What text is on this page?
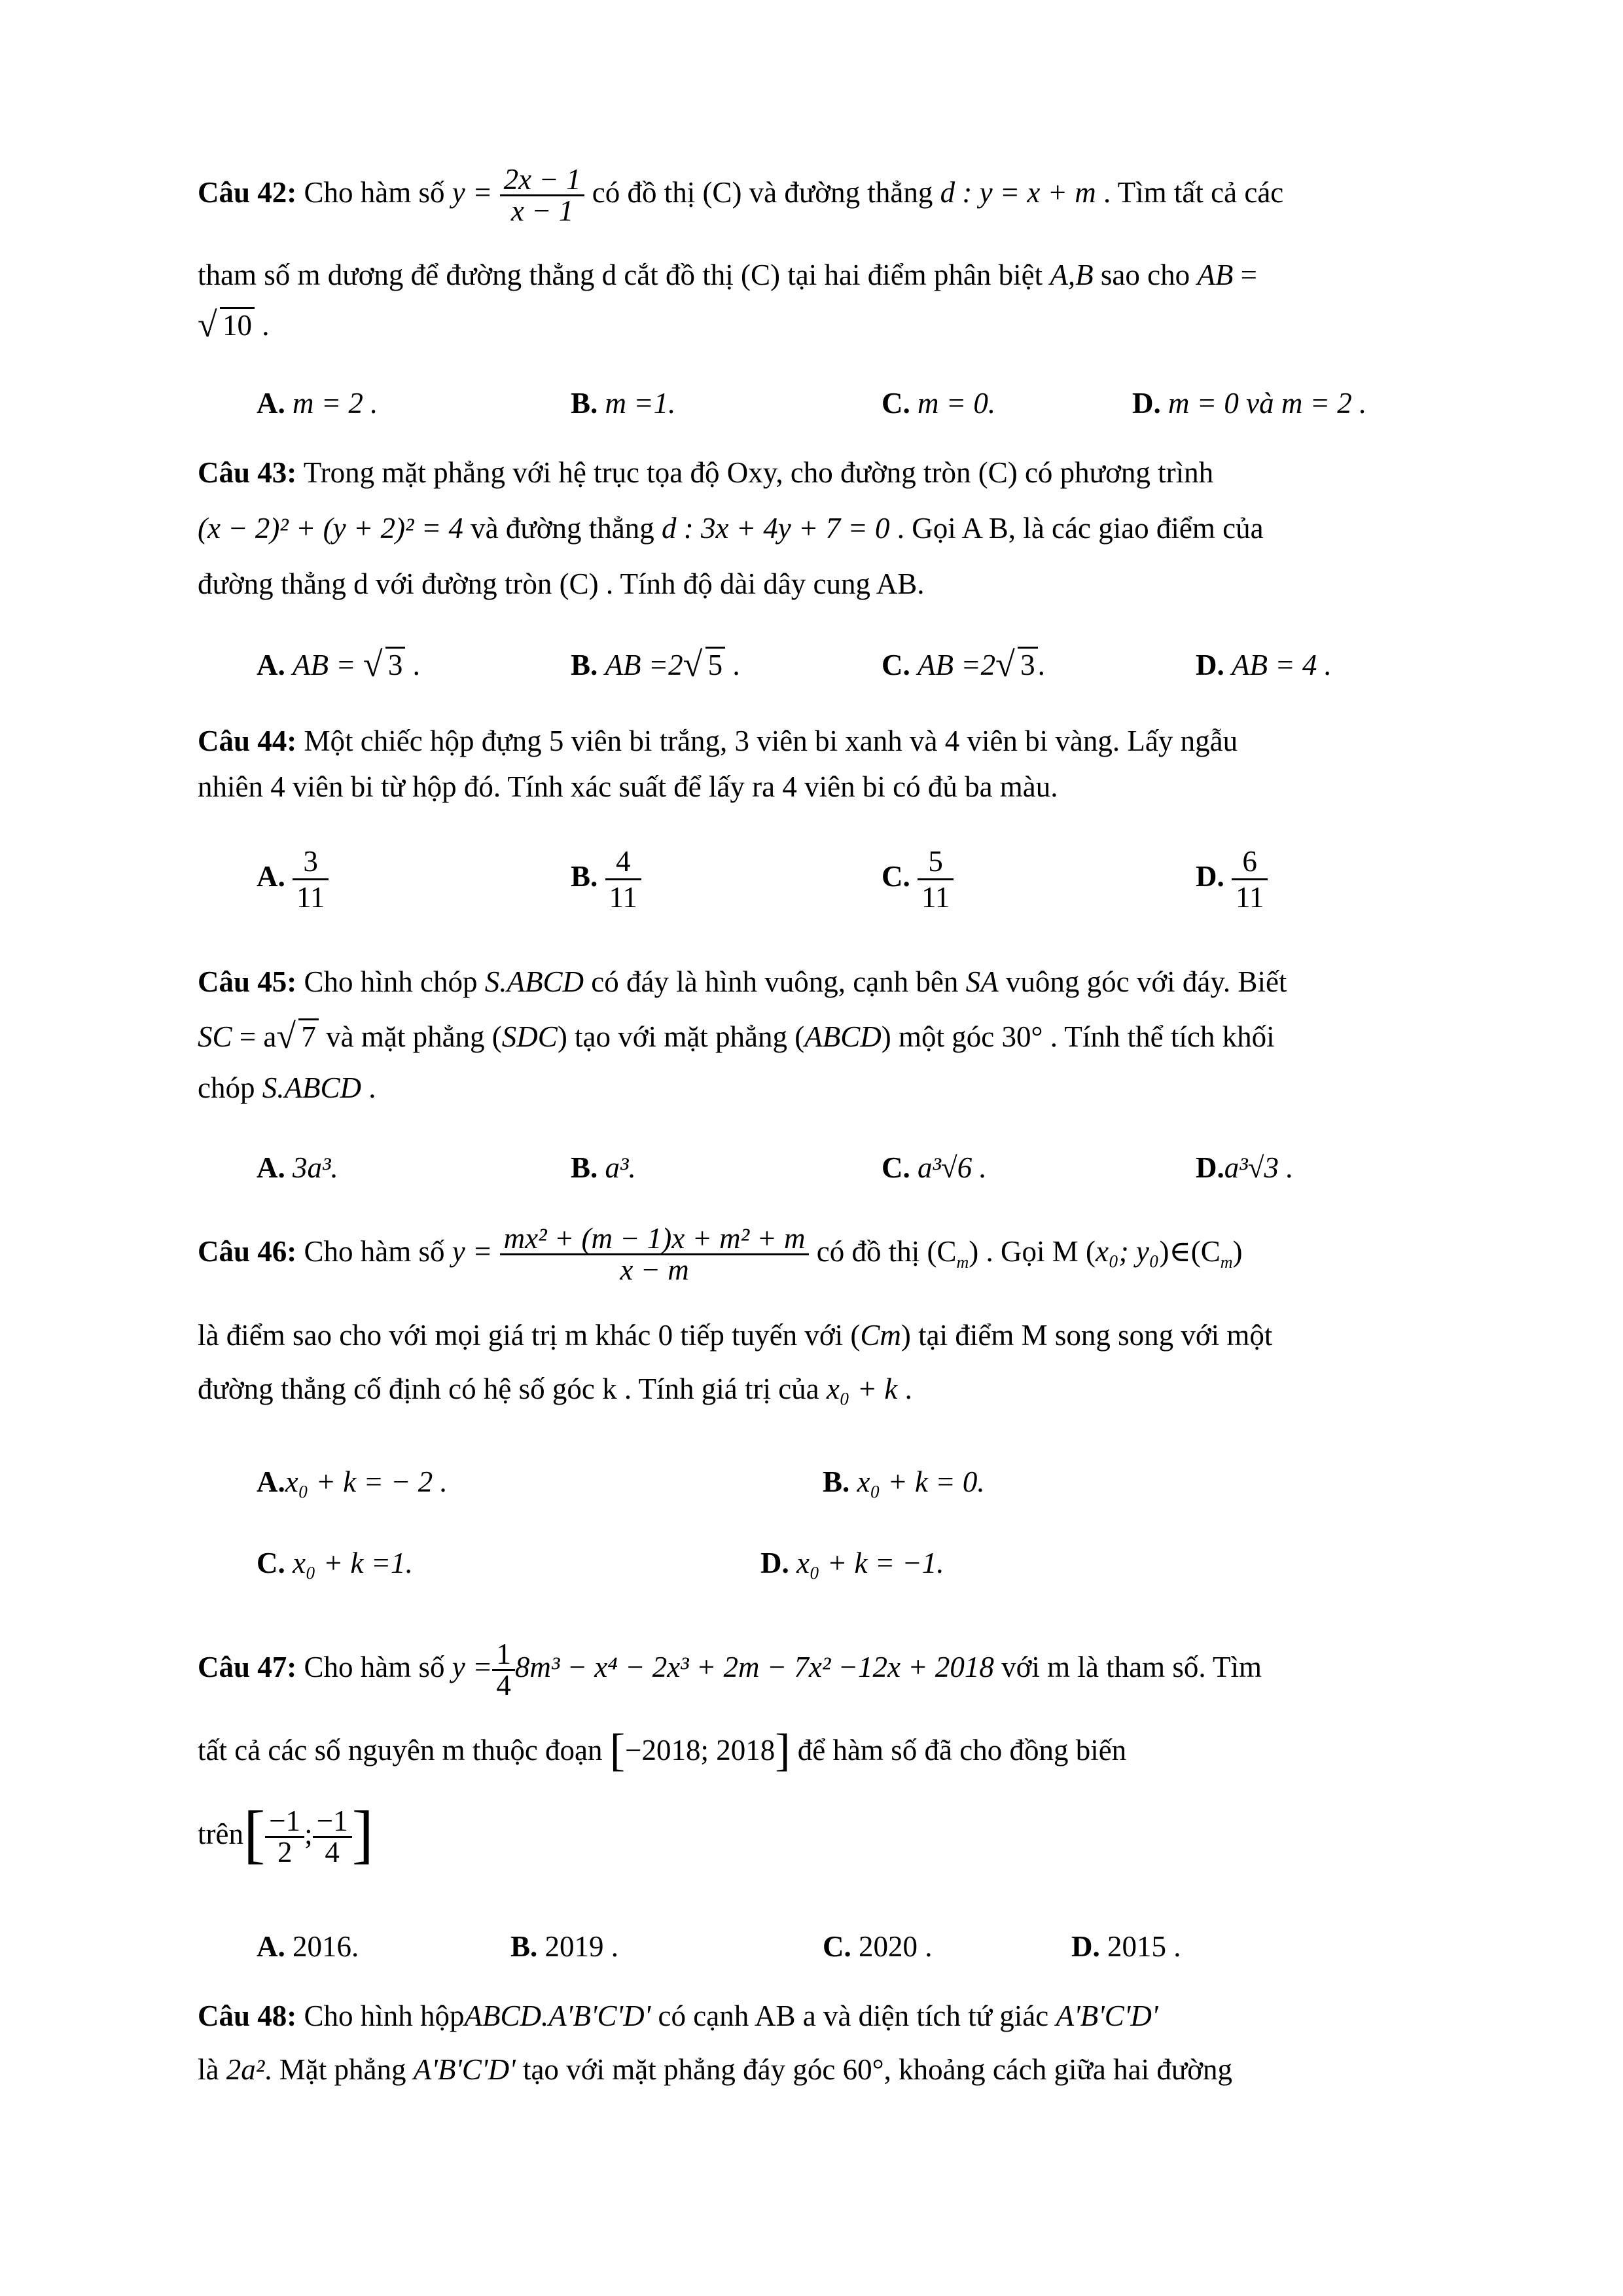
Câu 42: Cho hàm số $y = \frac{2x - 1}{x - 1}$ có đồ thị (C) và đường thẳng d : y = x + m . Tìm tất cả các
tham số m dương để đường thẳng d cắt đồ thị (C) tại hai điểm phân biệt A,B sao cho AB =
√ 10 .
A. m = 2 .	B. m =1.	C. m = 0.	D. m = 0 và m = 2 .
Câu 43: Trong mặt phẳng với hệ trục tọa độ Oxy, cho đường tròn (C) có phương trình
(x − 2)² + (y + 2)² = 4 và đường thẳng d : 3x + 4y + 7 = 0 . Gọi A B, là các giao điểm của
đường thẳng d với đường tròn (C) . Tính độ dài dây cung AB.
A. AB = √ 3 .	B. AB =2 √ 5 .	C. AB =2 √ 3.	D. AB = 4 .
Câu 44: Một chiếc hộp đựng 5 viên bi trắng, 3 viên bi xanh và 4 viên bi vàng. Lấy ngẫu
nhiên 4 viên bi từ hộp đó. Tính xác suất để lấy ra 4 viên bi có đủ ba màu.
A. $\frac{3}{11}$	B. $\frac{4}{11}$	C. $\frac{5}{11}$	D. $\frac{6}{11}$
Câu 45: Cho hình chóp S.ABCD có đáy là hình vuông, cạnh bên SA vuông góc với đáy. Biết
SC = a √ 7 và mặt phẳng (SDC) tạo với mặt phẳng (ABCD) một góc 30° . Tính thể tích khối
chóp S.ABCD .
A. 3a³.	B. a³.	C. a³√6 .	D.a³√3 .
Câu 46: Cho hàm số $y = \frac{\text{mx² + (m − 1)x + m² + m}}{x - m}$ có đồ thị $(C_m)$ . Gọi M (x₀; $y_0)\in(C_m)$
là điểm sao cho với mọi giá trị m khác 0 tiếp tuyến với (Cm) tại điểm M song song với một
đường thẳng cố định có hệ số góc k . Tính giá trị của x₀ + k .
A.x₀ + k = − 2 .	B. x₀ + k = 0.
C. x₀ + k =1.	D. x₀ + k = −1.
Câu 47: Cho hàm số $y = \frac{1}{4} 8m^3 - x^4 - 2x^3 + 2m - 7x^2 -12x + 2018$ với m là tham số. Tìm
tất cả các số nguyên m thuộc đoạn [−2018; 2018] để hàm số đã cho đồng biến
trên[ $\frac{-1}{2}$ ; $\frac{-1}{4}$ ]
A. 2016.	B. 2019 .	C. 2020 .	D. 2015 .
Câu 48: Cho hình hộpABCD.A'B'C'D' có cạnh AB a và diện tích tứ giác A'B'C'D'
là 2a². Mặt phẳng A'B'C'D' tạo với mặt phẳng đáy góc 60°, khoảng cách giữa hai đường
